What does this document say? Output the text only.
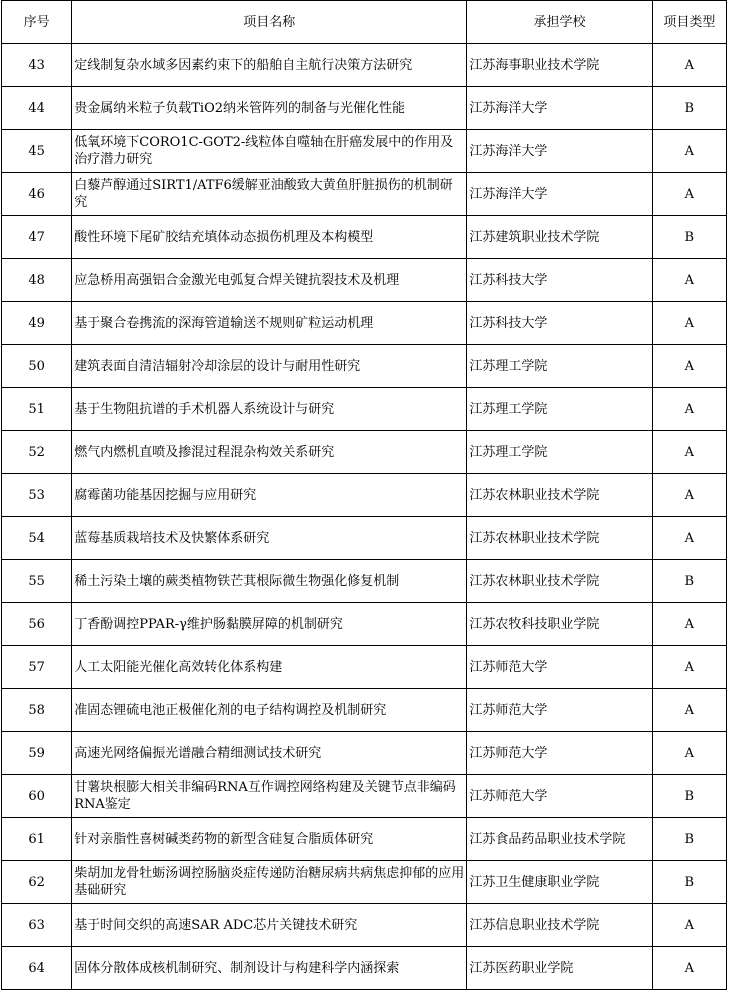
序号	项目名称	承担学校	项目类型
43	定线制复杂水域多因素约束下的船舶自主航行决策方法研究	江苏海事职业技术学院	A
44	贵金属纳米粒子负载TiO2纳米管阵列的制备与光催化性能	江苏海洋大学	B
45	低氧环境下CORO1C-GOT2-线粒体自噬轴在肝癌发展中的作用及治疗潜力研究	江苏海洋大学	A
46	白藜芦醇通过SIRT1/ATF6缓解亚油酸致大黄鱼肝脏损伤的机制研究	江苏海洋大学	A
47	酸性环境下尾矿胶结充填体动态损伤机理及本构模型	江苏建筑职业技术学院	B
48	应急桥用高强铝合金激光电弧复合焊关键抗裂技术及机理	江苏科技大学	A
49	基于聚合卷携流的深海管道输送不规则矿粒运动机理	江苏科技大学	A
50	建筑表面自清洁辐射冷却涂层的设计与耐用性研究	江苏理工学院	A
51	基于生物阻抗谱的手术机器人系统设计与研究	江苏理工学院	A
52	燃气内燃机直喷及掺混过程混杂构效关系研究	江苏理工学院	A
53	腐霉菌功能基因挖掘与应用研究	江苏农林职业技术学院	A
54	蓝莓基质栽培技术及快繁体系研究	江苏农林职业技术学院	A
55	稀土污染土壤的蕨类植物铁芒萁根际微生物强化修复机制	江苏农林职业技术学院	B
56	丁香酚调控PPAR-γ维护肠黏膜屏障的机制研究	江苏农牧科技职业学院	A
57	人工太阳能光催化高效转化体系构建	江苏师范大学	A
58	准固态锂硫电池正极催化剂的电子结构调控及机制研究	江苏师范大学	A
59	高速光网络偏振光谱融合精细测试技术研究	江苏师范大学	A
60	甘薯块根膨大相关非编码RNA互作调控网络构建及关键节点非编码RNA鉴定	江苏师范大学	B
61	针对亲脂性喜树碱类药物的新型含硅复合脂质体研究	江苏食品药品职业技术学院	B
62	柴胡加龙骨牡蛎汤调控肠脑炎症传递防治糖尿病共病焦虑抑郁的应用基础研究	江苏卫生健康职业学院	B
63	基于时间交织的高速SAR ADC芯片关键技术研究	江苏信息职业技术学院	A
64	固体分散体成核机制研究、制剂设计与构建科学内涵探索	江苏医药职业学院	A
